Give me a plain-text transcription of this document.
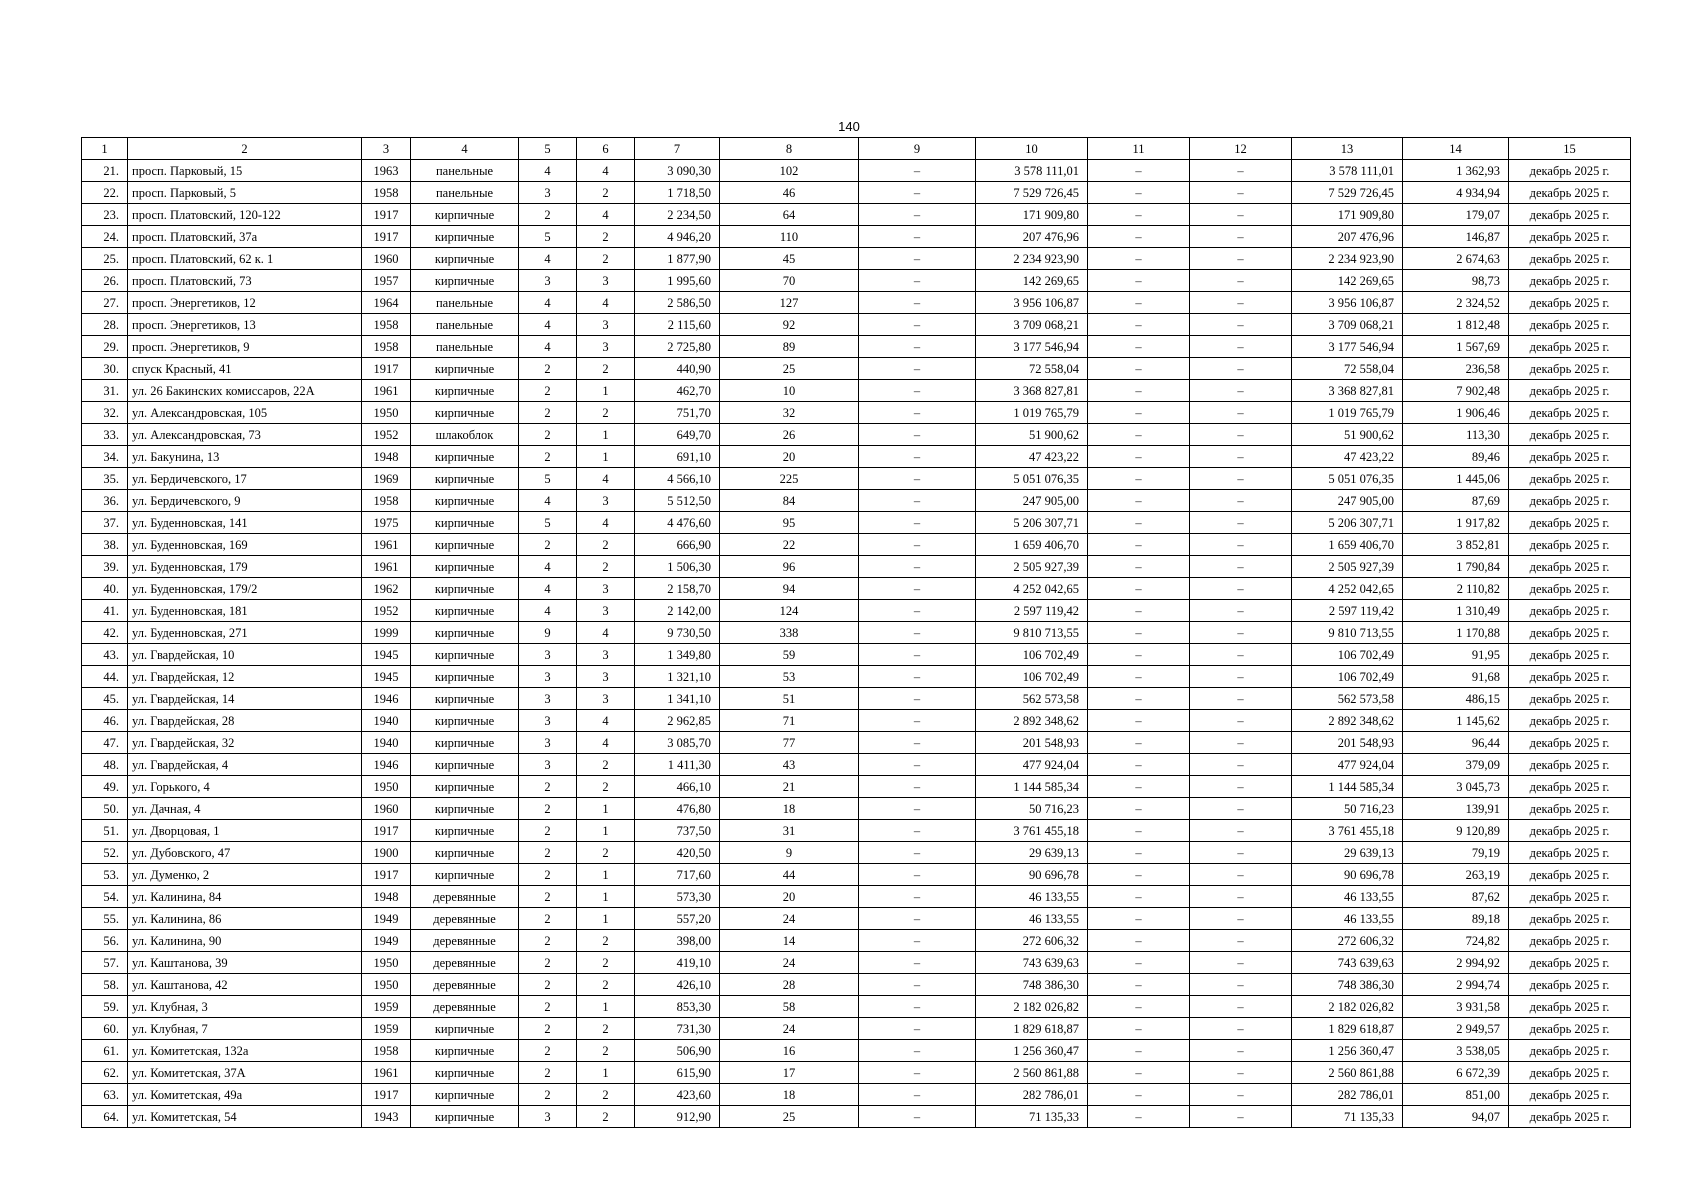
140
1	2	3	4	5	6	7	8	9	10	11	12	13	14	15
21.	просп. Парковый, 15	1963	панельные	4	4	3 090,30	102	–	3 578 111,01	–	–	3 578 111,01	1 362,93	декабрь 2025 г.
22.	просп. Парковый, 5	1958	панельные	3	2	1 718,50	46	–	7 529 726,45	–	–	7 529 726,45	4 934,94	декабрь 2025 г.
23.	просп. Платовский, 120-122	1917	кирпичные	2	4	2 234,50	64	–	171 909,80	–	–	171 909,80	179,07	декабрь 2025 г.
24.	просп. Платовский, 37а	1917	кирпичные	5	2	4 946,20	110	–	207 476,96	–	–	207 476,96	146,87	декабрь 2025 г.
25.	просп. Платовский, 62 к. 1	1960	кирпичные	4	2	1 877,90	45	–	2 234 923,90	–	–	2 234 923,90	2 674,63	декабрь 2025 г.
26.	просп. Платовский, 73	1957	кирпичные	3	3	1 995,60	70	–	142 269,65	–	–	142 269,65	98,73	декабрь 2025 г.
27.	просп. Энергетиков, 12	1964	панельные	4	4	2 586,50	127	–	3 956 106,87	–	–	3 956 106,87	2 324,52	декабрь 2025 г.
28.	просп. Энергетиков, 13	1958	панельные	4	3	2 115,60	92	–	3 709 068,21	–	–	3 709 068,21	1 812,48	декабрь 2025 г.
29.	просп. Энергетиков, 9	1958	панельные	4	3	2 725,80	89	–	3 177 546,94	–	–	3 177 546,94	1 567,69	декабрь 2025 г.
30.	спуск Красный, 41	1917	кирпичные	2	2	440,90	25	–	72 558,04	–	–	72 558,04	236,58	декабрь 2025 г.
31.	ул. 26 Бакинских комиссаров, 22А	1961	кирпичные	2	1	462,70	10	–	3 368 827,81	–	–	3 368 827,81	7 902,48	декабрь 2025 г.
32.	ул. Александровская, 105	1950	кирпичные	2	2	751,70	32	–	1 019 765,79	–	–	1 019 765,79	1 906,46	декабрь 2025 г.
33.	ул. Александровская, 73	1952	шлакоблок	2	1	649,70	26	–	51 900,62	–	–	51 900,62	113,30	декабрь 2025 г.
34.	ул. Бакунина, 13	1948	кирпичные	2	1	691,10	20	–	47 423,22	–	–	47 423,22	89,46	декабрь 2025 г.
35.	ул. Бердичевского, 17	1969	кирпичные	5	4	4 566,10	225	–	5 051 076,35	–	–	5 051 076,35	1 445,06	декабрь 2025 г.
36.	ул. Бердичевского, 9	1958	кирпичные	4	3	5 512,50	84	–	247 905,00	–	–	247 905,00	87,69	декабрь 2025 г.
37.	ул. Буденновская, 141	1975	кирпичные	5	4	4 476,60	95	–	5 206 307,71	–	–	5 206 307,71	1 917,82	декабрь 2025 г.
38.	ул. Буденновская, 169	1961	кирпичные	2	2	666,90	22	–	1 659 406,70	–	–	1 659 406,70	3 852,81	декабрь 2025 г.
39.	ул. Буденновская, 179	1961	кирпичные	4	2	1 506,30	96	–	2 505 927,39	–	–	2 505 927,39	1 790,84	декабрь 2025 г.
40.	ул. Буденновская, 179/2	1962	кирпичные	4	3	2 158,70	94	–	4 252 042,65	–	–	4 252 042,65	2 110,82	декабрь 2025 г.
41.	ул. Буденновская, 181	1952	кирпичные	4	3	2 142,00	124	–	2 597 119,42	–	–	2 597 119,42	1 310,49	декабрь 2025 г.
42.	ул. Буденновская, 271	1999	кирпичные	9	4	9 730,50	338	–	9 810 713,55	–	–	9 810 713,55	1 170,88	декабрь 2025 г.
43.	ул. Гвардейская, 10	1945	кирпичные	3	3	1 349,80	59	–	106 702,49	–	–	106 702,49	91,95	декабрь 2025 г.
44.	ул. Гвардейская, 12	1945	кирпичные	3	3	1 321,10	53	–	106 702,49	–	–	106 702,49	91,68	декабрь 2025 г.
45.	ул. Гвардейская, 14	1946	кирпичные	3	3	1 341,10	51	–	562 573,58	–	–	562 573,58	486,15	декабрь 2025 г.
46.	ул. Гвардейская, 28	1940	кирпичные	3	4	2 962,85	71	–	2 892 348,62	–	–	2 892 348,62	1 145,62	декабрь 2025 г.
47.	ул. Гвардейская, 32	1940	кирпичные	3	4	3 085,70	77	–	201 548,93	–	–	201 548,93	96,44	декабрь 2025 г.
48.	ул. Гвардейская, 4	1946	кирпичные	3	2	1 411,30	43	–	477 924,04	–	–	477 924,04	379,09	декабрь 2025 г.
49.	ул. Горького, 4	1950	кирпичные	2	2	466,10	21	–	1 144 585,34	–	–	1 144 585,34	3 045,73	декабрь 2025 г.
50.	ул. Дачная, 4	1960	кирпичные	2	1	476,80	18	–	50 716,23	–	–	50 716,23	139,91	декабрь 2025 г.
51.	ул. Дворцовая, 1	1917	кирпичные	2	1	737,50	31	–	3 761 455,18	–	–	3 761 455,18	9 120,89	декабрь 2025 г.
52.	ул. Дубовского, 47	1900	кирпичные	2	2	420,50	9	–	29 639,13	–	–	29 639,13	79,19	декабрь 2025 г.
53.	ул. Думенко, 2	1917	кирпичные	2	1	717,60	44	–	90 696,78	–	–	90 696,78	263,19	декабрь 2025 г.
54.	ул. Калинина, 84	1948	деревянные	2	1	573,30	20	–	46 133,55	–	–	46 133,55	87,62	декабрь 2025 г.
55.	ул. Калинина, 86	1949	деревянные	2	1	557,20	24	–	46 133,55	–	–	46 133,55	89,18	декабрь 2025 г.
56.	ул. Калинина, 90	1949	деревянные	2	2	398,00	14	–	272 606,32	–	–	272 606,32	724,82	декабрь 2025 г.
57.	ул. Каштанова, 39	1950	деревянные	2	2	419,10	24	–	743 639,63	–	–	743 639,63	2 994,92	декабрь 2025 г.
58.	ул. Каштанова, 42	1950	деревянные	2	2	426,10	28	–	748 386,30	–	–	748 386,30	2 994,74	декабрь 2025 г.
59.	ул. Клубная, 3	1959	деревянные	2	1	853,30	58	–	2 182 026,82	–	–	2 182 026,82	3 931,58	декабрь 2025 г.
60.	ул. Клубная, 7	1959	кирпичные	2	2	731,30	24	–	1 829 618,87	–	–	1 829 618,87	2 949,57	декабрь 2025 г.
61.	ул. Комитетская, 132а	1958	кирпичные	2	2	506,90	16	–	1 256 360,47	–	–	1 256 360,47	3 538,05	декабрь 2025 г.
62.	ул. Комитетская, 37А	1961	кирпичные	2	1	615,90	17	–	2 560 861,88	–	–	2 560 861,88	6 672,39	декабрь 2025 г.
63.	ул. Комитетская, 49а	1917	кирпичные	2	2	423,60	18	–	282 786,01	–	–	282 786,01	851,00	декабрь 2025 г.
64.	ул. Комитетская, 54	1943	кирпичные	3	2	912,90	25	–	71 135,33	–	–	71 135,33	94,07	декабрь 2025 г.
